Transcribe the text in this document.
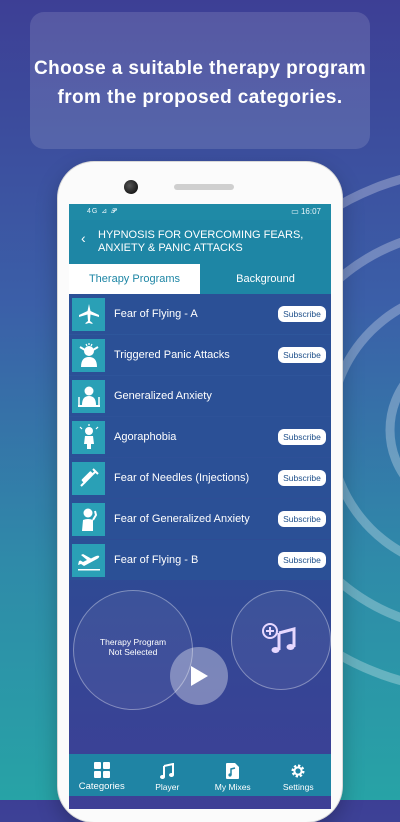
Choose a suitable therapy program
from the proposed categories.
4G ⊿ 𝓟	▭ 16:07
‹ HYPNOSIS FOR OVERCOMING FEARS, ANXIETY & PANIC ATTACKS
Therapy Programs	Background
Fear of Flying - A	Subscribe
Triggered Panic Attacks	Subscribe
Generalized Anxiety
Agoraphobia	Subscribe
Fear of Needles (Injections)	Subscribe
Fear of Generalized Anxiety	Subscribe
Fear of Flying - B	Subscribe
Therapy Program
Not Selected
Categories	Player	My Mixes	Settings
